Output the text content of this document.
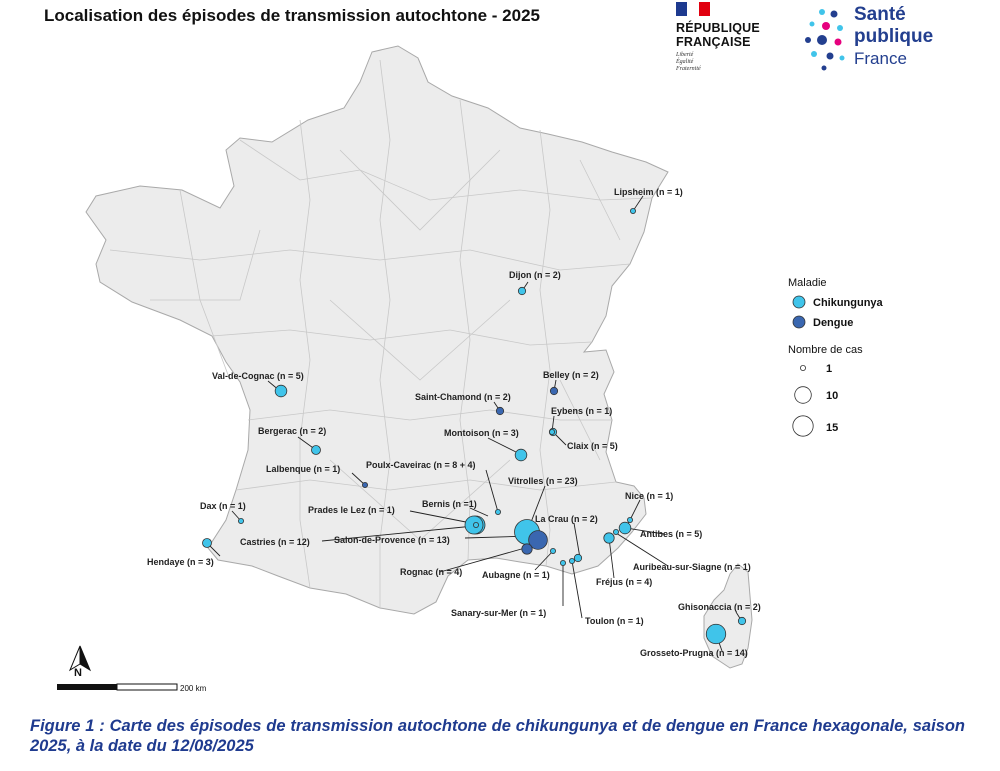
Localisation des épisodes de transmission autochtone - 2025
RÉPUBLIQUE
FRANÇAISE
Liberté
Égalité
Fraternité
Santé
publique
France
Lipsheim (n = 1)
Dijon (n = 2)
Val-de-Cognac (n = 5)	Belley (n = 2)
Saint-Chamond (n = 2)
Eybens (n = 1)
Bergerac (n = 2)	Montoison (n = 3)
Claix (n = 5)
Lalbenque (n = 1)	Poulx-Caveirac (n = 8 + 4)
Vitrolles (n = 23)
Bernis (n =1)
Prades le Lez (n = 1)
Dax (n = 1)
Nice (n = 1)
La Crau (n = 2)
Antibes (n = 5)
Castries (n = 12)	Salon-de-Provence (n = 13)
Auribeau-sur-Siagne (n = 1)
Hendaye (n = 3)
Rognac (n = 4) Aubagne (n = 1)
Fréjus (n = 4)
Sanary-sur-Mer (n = 1)
Toulon (n = 1)
Ghisonaccia (n = 2)
Grosseto-Prugna (n = 14)
Maladie
Chikungunya
Dengue
Nombre de cas
1
10
15
N
200 km
Figure 1 : Carte des épisodes de transmission autochtone de chikungunya et de dengue en France hexagonale, saison 2025, à la date du 12/08/2025
